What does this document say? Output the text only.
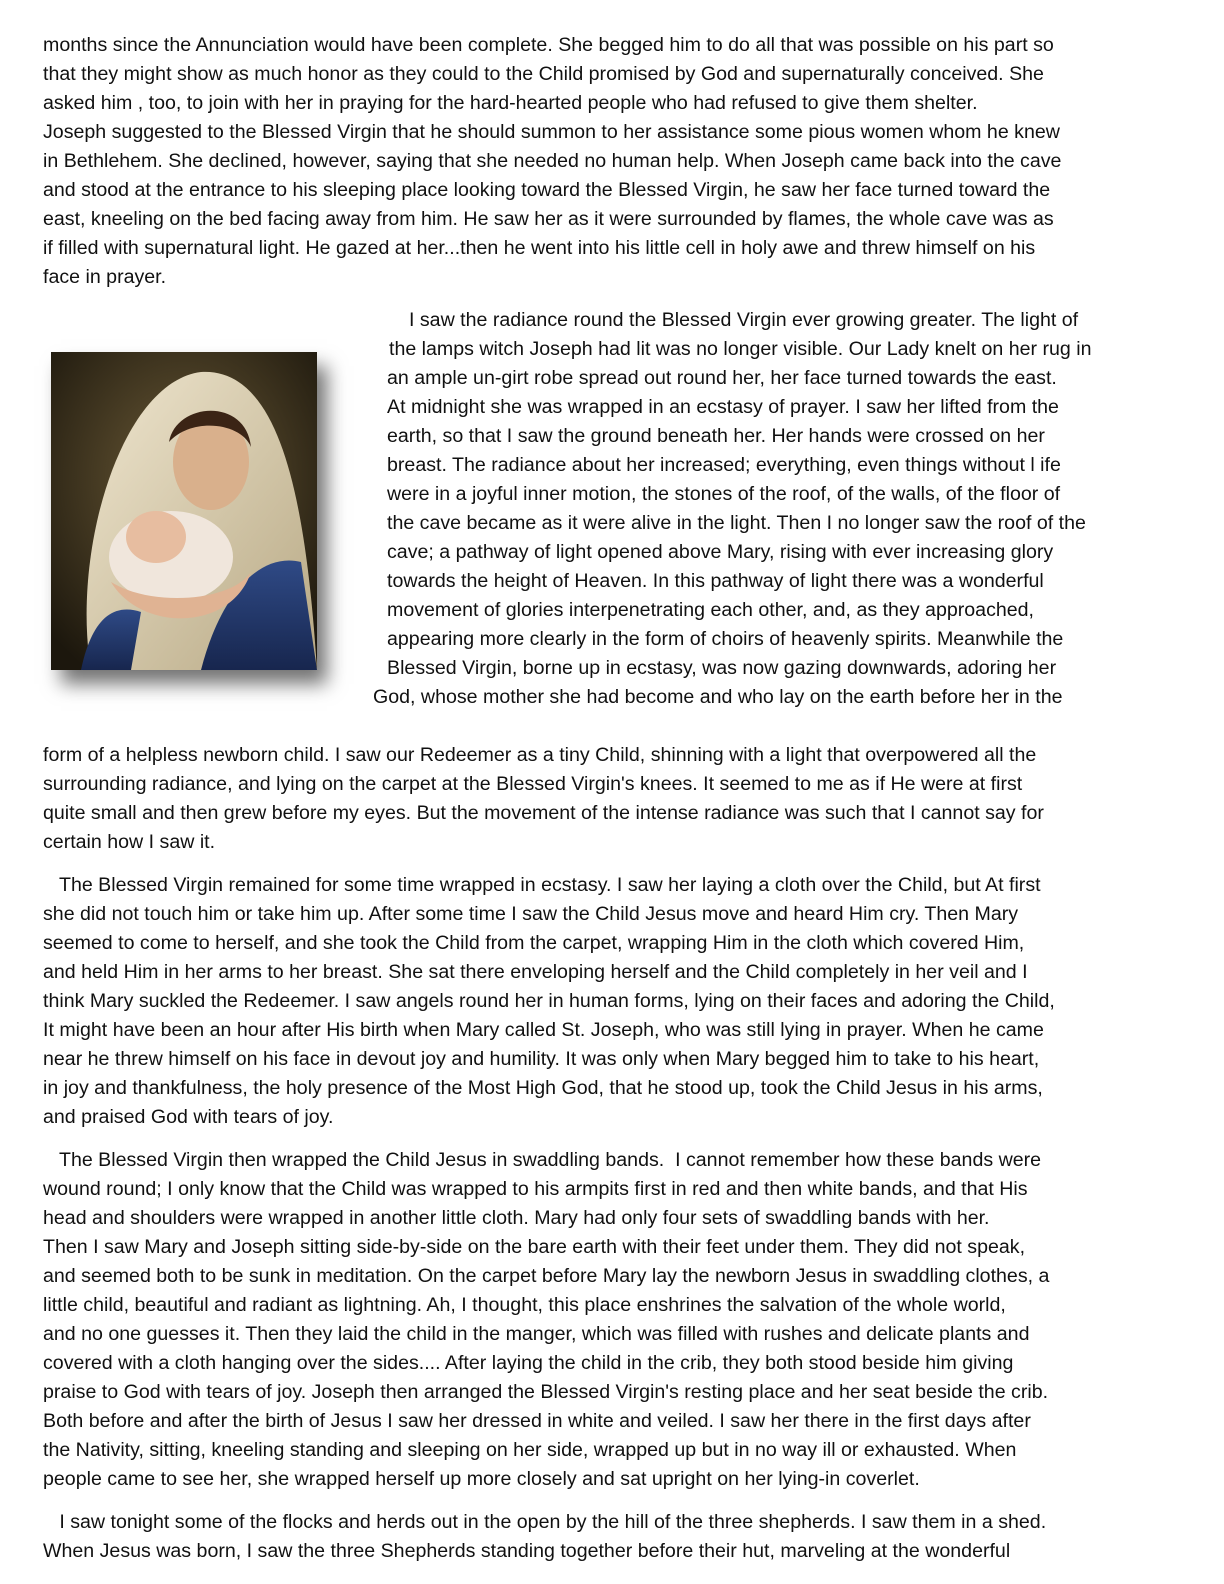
months since the Annunciation would have been complete. She begged him to do all that was possible on his part so
that they might show as much honor as they could to the Child promised by God and supernaturally conceived. She
asked him , too, to join with her in praying for the hard-hearted people who had refused to give them shelter.
Joseph suggested to the Blessed Virgin that he should summon to her assistance some pious women whom he knew
in Bethlehem. She declined, however, saying that she needed no human help. When Joseph came back into the cave
and stood at the entrance to his sleeping place looking toward the Blessed Virgin, he saw her face turned toward the
east, kneeling on the bed facing away from him. He saw her as it were surrounded by flames, the whole cave was as
if filled with supernatural light. He gazed at her...then he went into his little cell in holy awe and threw himself on his
face in prayer.
I saw the radiance round the Blessed Virgin ever growing greater. The light of
the lamps witch Joseph had lit was no longer visible. Our Lady knelt on her rug in
an ample un-girt robe spread out round her, her face turned towards the east.
At midnight she was wrapped in an ecstasy of prayer. I saw her lifted from the
earth, so that I saw the ground beneath her. Her hands were crossed on her
breast. The radiance about her increased; everything, even things without l ife
were in a joyful inner motion, the stones of the roof, of the walls, of the floor of
the cave became as it were alive in the light. Then I no longer saw the roof of the
cave; a pathway of light opened above Mary, rising with ever increasing glory
towards the height of Heaven. In this pathway of light there was a wonderful
movement of glories interpenetrating each other, and, as they approached,
appearing more clearly in the form of choirs of heavenly spirits. Meanwhile the
Blessed Virgin, borne up in ecstasy, was now gazing downwards, adoring her
God, whose mother she had become and who lay on the earth before her in the
form of a helpless newborn child. I saw our Redeemer as a tiny Child, shinning with a light that overpowered all the
surrounding radiance, and lying on the carpet at the Blessed Virgin's knees. It seemed to me as if He were at first
quite small and then grew before my eyes. But the movement of the intense radiance was such that I cannot say for
certain how I saw it.
The Blessed Virgin remained for some time wrapped in ecstasy. I saw her laying a cloth over the Child, but At first
she did not touch him or take him up. After some time I saw the Child Jesus move and heard Him cry. Then Mary
seemed to come to herself, and she took the Child from the carpet, wrapping Him in the cloth which covered Him,
and held Him in her arms to her breast. She sat there enveloping herself and the Child completely in her veil and I
think Mary suckled the Redeemer. I saw angels round her in human forms, lying on their faces and adoring the Child,
It might have been an hour after His birth when Mary called St. Joseph, who was still lying in prayer. When he came
near he threw himself on his face in devout joy and humility. It was only when Mary begged him to take to his heart,
in joy and thankfulness, the holy presence of the Most High God, that he stood up, took the Child Jesus in his arms,
and praised God with tears of joy.
The Blessed Virgin then wrapped the Child Jesus in swaddling bands.  I cannot remember how these bands were
wound round; I only know that the Child was wrapped to his armpits first in red and then white bands, and that His
head and shoulders were wrapped in another little cloth. Mary had only four sets of swaddling bands with her.
Then I saw Mary and Joseph sitting side-by-side on the bare earth with their feet under them. They did not speak,
and seemed both to be sunk in meditation. On the carpet before Mary lay the newborn Jesus in swaddling clothes, a
little child, beautiful and radiant as lightning. Ah, I thought, this place enshrines the salvation of the whole world,
and no one guesses it. Then they laid the child in the manger, which was filled with rushes and delicate plants and
covered with a cloth hanging over the sides.... After laying the child in the crib, they both stood beside him giving
praise to God with tears of joy. Joseph then arranged the Blessed Virgin's resting place and her seat beside the crib.
Both before and after the birth of Jesus I saw her dressed in white and veiled. I saw her there in the first days after
the Nativity, sitting, kneeling standing and sleeping on her side, wrapped up but in no way ill or exhausted. When
people came to see her, she wrapped herself up more closely and sat upright on her lying-in coverlet.
I saw tonight some of the flocks and herds out in the open by the hill of the three shepherds. I saw them in a shed.
When Jesus was born, I saw the three Shepherds standing together before their hut, marveling at the wonderful
